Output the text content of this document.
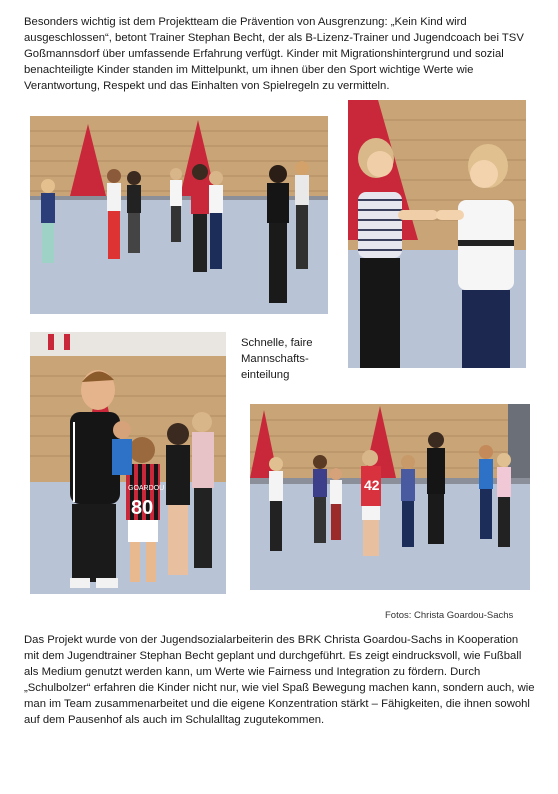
Besonders wichtig ist dem Projektteam die Prävention von Ausgrenzung: „Kein Kind wird ausgeschlossen“, betont Trainer Stephan Becht, der als B-Lizenz-Trainer und Jugendcoach bei TSV Goßmannsdorf über umfassende Erfahrung verfügt. Kinder mit Migrationshintergrund und sozial benachteiligte Kinder standen im Mittelpunkt, um ihnen über den Sport wichtige Werte wie Verantwortung, Respekt und das Einhalten von Spielregeln zu vermitteln.

GOARDOU
80

Schnelle, faire Mannschafts-einteilung

42

Fotos: Christa Goardou-Sachs

Das Projekt wurde von der Jugendsozialarbeiterin des BRK Christa Goardou-Sachs in Kooperation mit dem Jugendtrainer Stephan Becht geplant und durchgeführt. Es zeigt eindrucksvoll, wie Fußball als Medium genutzt werden kann, um Werte wie Fairness und Integration zu fördern. Durch „Schulbolzer“ erfahren die Kinder nicht nur, wie viel Spaß Bewegung machen kann, sondern auch, wie man im Team zusammenarbeitet und die eigene Konzentration stärkt – Fähigkeiten, die ihnen sowohl auf dem Pausenhof als auch im Schulalltag zugutekommen.
